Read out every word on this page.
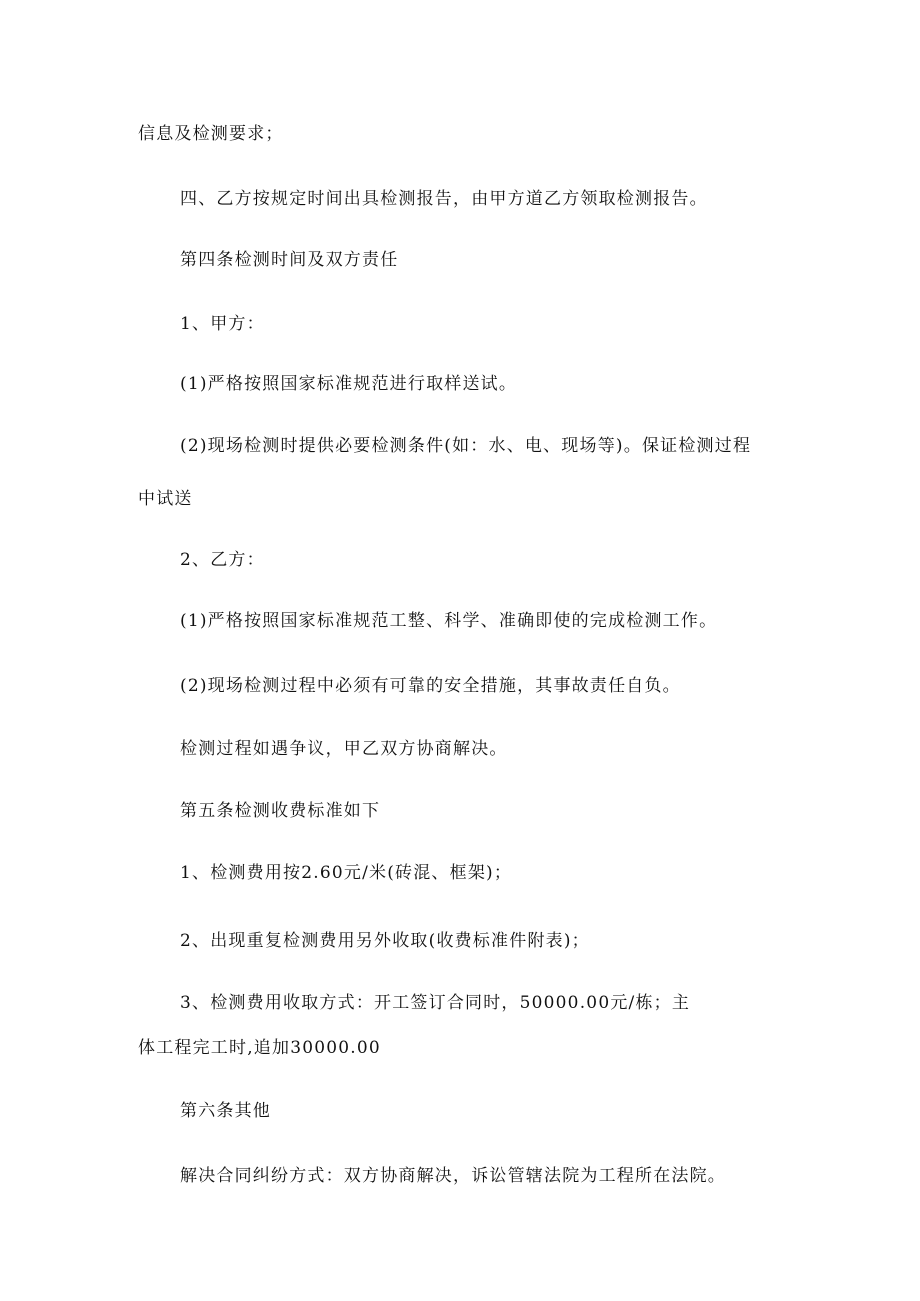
信息及检测要求；
四、乙方按规定时间出具检测报告，由甲方道乙方领取检测报告。
第四条检测时间及双方责任
1、甲方：
(1)严格按照国家标准规范进行取样送试。
(2)现场检测时提供必要检测条件(如：水、电、现场等)。保证检测过程
中试送
2、乙方：
(1)严格按照国家标准规范工整、科学、准确即使的完成检测工作。
(2)现场检测过程中必须有可靠的安全措施，其事故责任自负。
检测过程如遇争议，甲乙双方协商解决。
第五条检测收费标准如下
1、检测费用按2.60元/米(砖混、框架)；
2、出现重复检测费用另外收取(收费标准件附表)；
3、检测费用收取方式：开工签订合同时，50000.00元/栋；主
体工程完工时,追加30000.00
第六条其他
解决合同纠纷方式：双方协商解决，诉讼管辖法院为工程所在法院。
